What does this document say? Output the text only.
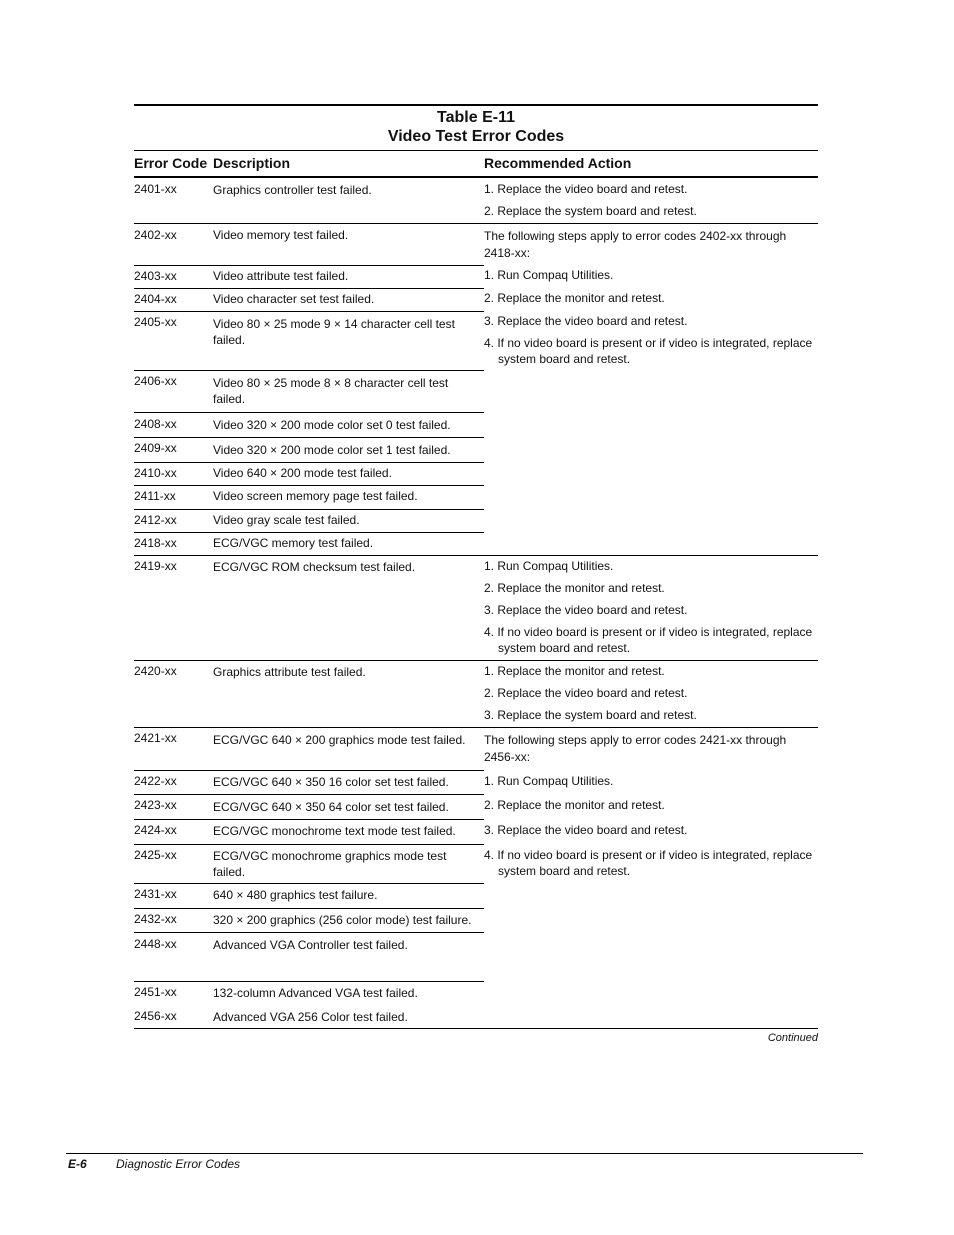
Table E-11
Video Test Error Codes
Error Code Description	Recommended Action
2401-xx
2402-xx
2403-xx
2404-xx
2405-xx
2406-xx
2408-xx
2409-xx
2410-xx
2411-xx
2412-xx
2418-xx
2419-xx
2420-xx
2421-xx
2422-xx
2423-xx
2424-xx
2425-xx
2431-xx
2432-xx
2448-xx
2451-xx
2456-xx
Graphics controller test failed.
Video memory test failed.
Video attribute test failed.
Video character set test failed.
Video 80 × 25 mode 9 × 14 character cell test failed.
Video 80 × 25 mode 8 × 8 character cell test failed.
Video 320 × 200 mode color set 0 test failed.
Video 320 × 200 mode color set 1 test failed.
Video 640 × 200 mode test failed.
Video screen memory page test failed.
Video gray scale test failed.
ECG/VGC memory test failed.
ECG/VGC ROM checksum test failed.
Graphics attribute test failed.
ECG/VGC 640 × 200 graphics mode test failed.
ECG/VGC 640 × 350 16 color set test failed.
ECG/VGC 640 × 350 64 color set test failed.
ECG/VGC monochrome text mode test failed.
ECG/VGC monochrome graphics mode test failed.
640 × 480 graphics test failure.
320 × 200 graphics (256 color mode) test failure.
Advanced VGA Controller test failed.
132-column Advanced VGA test failed.
Advanced VGA 256 Color test failed.
1. Replace the video board and retest.
2. Replace the system board and retest.
The following steps apply to error codes 2402-xx through 2418-xx:
1. Run Compaq Utilities.
2. Replace the monitor and retest.
3. Replace the video board and retest.
4. If no video board is present or if video is integrated, replace system board and retest.
1. Run Compaq Utilities.
2. Replace the monitor and retest.
3. Replace the video board and retest.
4. If no video board is present or if video is integrated, replace system board and retest.
1. Replace the monitor and retest.
2. Replace the video board and retest.
3. Replace the system board and retest.
The following steps apply to error codes 2421-xx through 2456-xx:
1. Run Compaq Utilities.
2. Replace the monitor and retest.
3. Replace the video board and retest.
4. If no video board is present or if video is integrated, replace system board and retest.
Continued
E-6 Diagnostic Error Codes
